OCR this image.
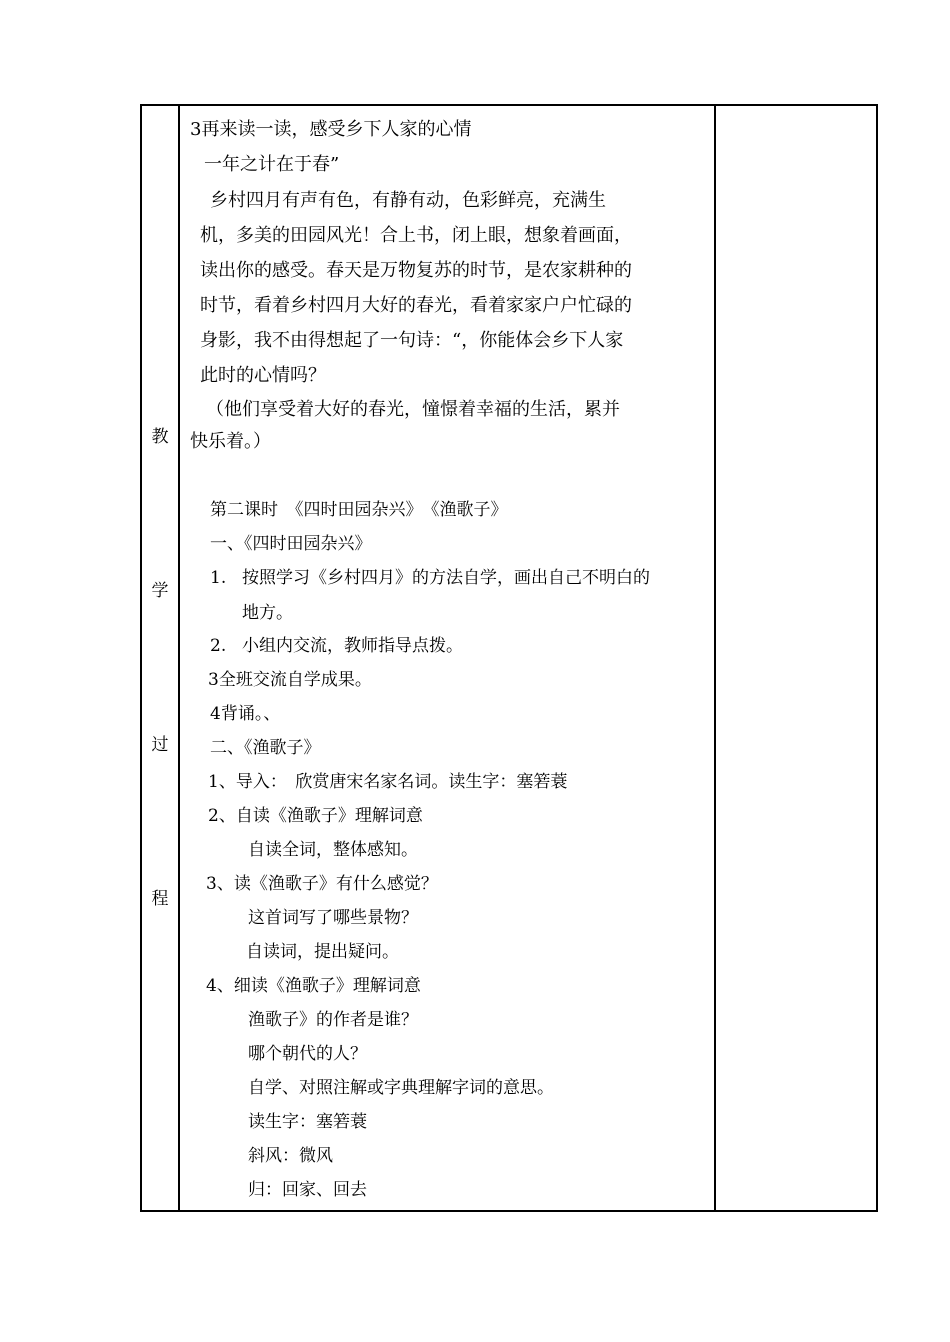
教
学
过
程
3再来读一读，感受乡下人家的心情
一年之计在于春”
乡村四月有声有色，有静有动，色彩鲜亮，充满生
机，多美的田园风光！合上书，闭上眼，想象着画面，
读出你的感受。春天是万物复苏的时节，是农家耕种的
时节，看着乡村四月大好的春光，看着家家户户忙碌的
身影，我不由得想起了一句诗：“，你能体会乡下人家
此时的心情吗？
（他们享受着大好的春光，憧憬着幸福的生活，累并
快乐着。）
第二课时　《四时田园杂兴》　《渔歌子》
一、《四时田园杂兴》
1. 按照学习《乡村四月》的方法自学，画出自己不明白的
地方。
2. 小组内交流，教师指导点拨。
3全班交流自学成果。
4背诵。、
二、《渔歌子》
1、导入：　欣赏唐宋名家名词。读生字：塞箬蓑
2、自读《渔歌子》理解词意
自读全词，整体感知。
3、读《渔歌子》有什么感觉？
这首词写了哪些景物？
自读词，提出疑问。
4、细读《渔歌子》理解词意
渔歌子》的作者是谁？
哪个朝代的人？
自学、对照注解或字典理解字词的意思。
读生字：塞箬蓑
斜风：微风
归：回家、回去
